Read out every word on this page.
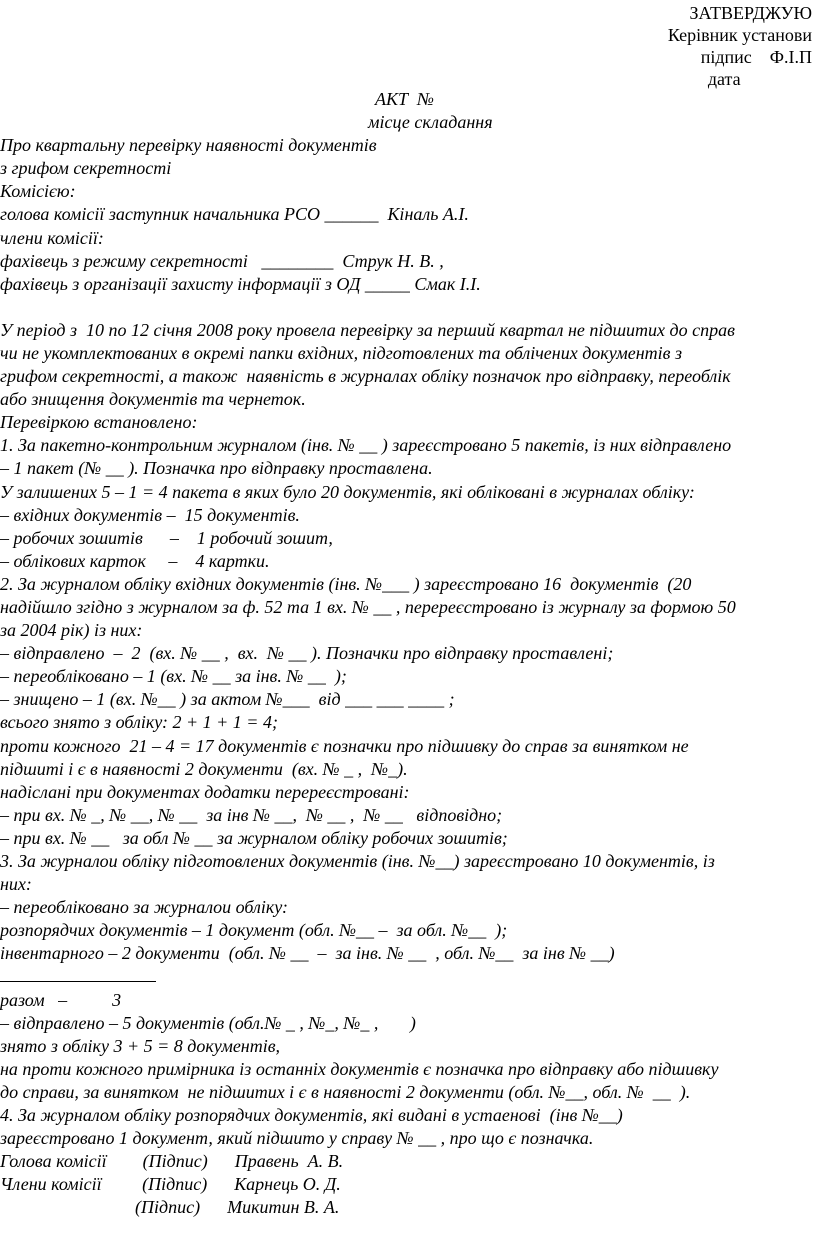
ЗАТВЕРДЖУЮ
Керівник установи
підпис    Ф.І.П
дата
АКТ  №
місце складання
Про квартальну перевірку наявності документів
з грифом секретності
Комісією:
голова комісії заступник начальника РСО ______  Кіналь А.І.
члени комісії:
фахівець з режиму секретності   ________  Струк Н. В. ,
фахівець з організації захисту інформації з ОД _____ Смак І.І.
У період з  10 по 12 січня 2008 року провела перевірку за перший квартал не підшитих до справ
чи не укомплектованих в окремі папки вхідних, підготовлених та облічених документів з
грифом секретності, а також  наявність в журналах обліку позначок про відправку, переоблік
або знищення документів та чернеток.
Перевіркою встановлено:
1. За пакетно-контрольним журналом (інв. № __ ) зареєстровано 5 пакетів, із них відправлено
– 1 пакет (№ __ ). Позначка про відправку проставлена.
У залишених 5 – 1 = 4 пакета в яких було 20 документів, які обліковані в журналах обліку:
– вхідних документів –  15 документів.
– робочих зошитів      –    1 робочий зошит,
– облікових карток     –    4 картки.
2. За журналом обліку вхідних документів (інв. №___ ) зареєстровано 16  документів  (20
надійшло згідно з журналом за ф. 52 та 1 вх. № __ , перереєстровано із журналу за формою 50
за 2004 рік) із них:
– відправлено  –  2  (вх. № __ ,  вх.  № __ ). Позначки про відправку проставлені;
– переобліковано – 1 (вх. № __ за інв. № __  );
– знищено – 1 (вх. №__ ) за актом №___  від ___ ___ ____ ;
всього знято з обліку: 2 + 1 + 1 = 4;
проти кожного  21 – 4 = 17 документів є позначки про підшивку до справ за винятком не
підшиті і є в наявності 2 документи  (вх. № _ ,  №_).
надіслані при документах додатки перереєстровані:
– при вх. № _, № __, № __  за інв № __,  № __ ,  № __   відповідно;
– при вх. № __   за обл № __ за журналом обліку робочих зошитів;
3. За журналoи обліку підготовлених документів (інв. №__) зареєстровано 10 документів, із
них:
– переобліковано за журналoи обліку:
розпорядчих документів – 1 документ (обл. №__ –  за обл. №__  );
інвентарного – 2 документи  (обл. № __  –  за інв. № __  , обл. №__  за інв № __)
разом   –          3
– відправлено – 5 документів (обл.№ _ , №_, №_ ,       )
знято з обліку 3 + 5 = 8 документів,
на проти кожного примірника із останніх документів є позначка про відправку або підшивку
до справи, за винятком  не підшитих і є в наявності 2 документи (обл. №__, обл. №  __  ).
4. За журналом обліку розпорядчих документів, які видані в устаенові  (інв №__)
зареєстровано 1 документ, який підшито у справу № __ , про що є позначка.
Голова комісії        (Підпис)      Правень  А. В.
Члени комісії         (Підпис)      Карнець О. Д.
(Підпис)      Микитин В. А.
